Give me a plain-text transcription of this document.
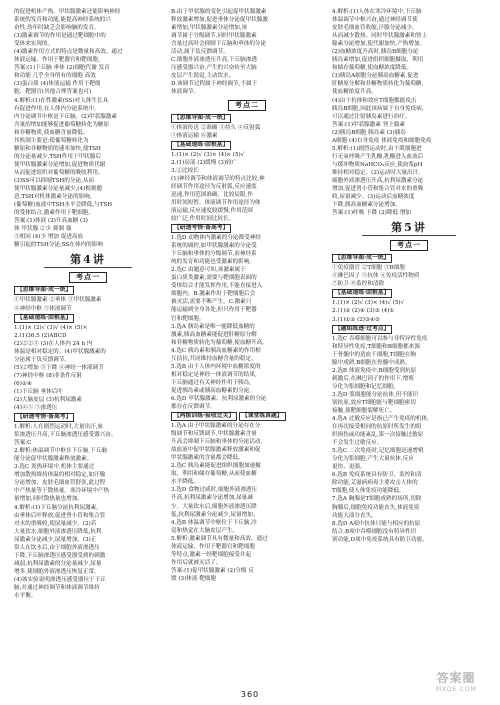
的促进机体产热。甲状腺激素还能影响神经

系统的发育和功能,能提高神经系统的兴

奋性,幼年时缺乏会影响脑的发育。

(3)激素调节的作用是通过靶细胞中的

受体来实现的。

(4)激素作用方式的特点是微量和高效、通过

体液运输、作用于靶器官和靶细胞。

答案:(1)下丘脑 垂体 (2)细胞代谢 发育

和功能 几乎全身所有的细胞 高效

(3)蛋白质 (4)体液运输 作用于靶细

胞、靶器官(其他合理答案也可)

4.解析:(1)在性激素(SS)对人体生长具

有促进作用,在人体内分泌系统中,

内分泌调节中枢是下丘脑。(2)甲状腺激素

含量的增加能够促进葡萄糖转化为糖原

和非糖物质,使血糖含量降低。

其机制主要是:使葡萄糖转化为

糖原和非糖物质的速率加快,使TSH

的分泌量减少,TSH作用于甲状腺后

使甲状腺激素分泌增加,促进物质代谢

从而促进组织对葡萄糖的吸收利用。

(3)SS可以抑制TSH的分泌,从而

使甲状腺激素分泌量减少,(4)根据题

意,TSH对机体激素分泌的影响,

(葡萄糖)血液中TSH水平会降低,与TSH

的受体结合,激素作用于靶细胞。

答案:(1)体液 (2)升高血糖 (3)

体 甲状腺 ②少 抑制 强

③相同 (4)少 增加 促进高血

糖引起的TSH分泌,SS在体内的影响

第4讲
考点一
【思维导图·成一统】

①甲状腺激素 ②垂体 ③甲状腺激素

④神经中枢 ⑤体液调节

【基础速练·固根基】

1.(1)× (2)√ (3)√ (4)× (5)×

2.(1)36.5 (2)ABCD

(2)②②③ (3)在人体内 24 h 内

体温是相对稳定的。(4)甲状腺激素的

分泌属于负反馈调节。

(5)②增加 ③下降 ④神经一体液调节

(7)神经中枢 (8)非条件反射

(6)②④

(1)下丘脑 垂体后叶

(2)大脑皮层 (3)抗利尿激素

(4)④⑤ ⑤渗透压

【研透考情·备高考】

1.解析:人在剧烈运动时,大量出汗,血

浆渗透压升高,下丘脑渗透压感受器兴奋。

答案:C

2.解析:体温调节中枢在下丘脑,下丘脑

能分泌促甲状腺激素释放激素。

3.选C 炎热环境中,机体主要通过

增加散热维持体温的相对稳定,如汗腺

分泌增加、皮肤毛细血管舒张,此过程

中产热量等于散热量。寒冷环境中产热

量增加,同时散热量也增加。

4.解析:(1)下丘脑分泌抗利尿激素,

由垂体后叶释放,促进肾小管和集合管

对水的重吸收,使尿量减少。(2)若

大量饮水,细胞外液渗透压降低,抗利

尿激素分泌减少,尿量增加。(3)正

常人在饮水后,由于细胞外液渗透压

下降,下丘脑渗透压感受器受到的刺激

减弱,抗利尿激素的分泌量减少,尿量

增多,使细胞外液渗透压恢复正常。

(4)该实验说明渗透压感受器位于下丘

脑,并通过神经调节和体液调节维持

水平衡。

B.由于甲状腺的变化引起促甲状腺激素

释放激素增加,促进垂体分泌促甲状腺激

素增加,甲状腺激素分泌增加,该

调节属于分级调节,同时甲状腺激素

含量过高时会抑制下丘脑和垂体的分泌

活动,属于负反馈调节。

C.细胞外液渗透压升高,下丘脑渗透

压感受器兴奋,产生的兴奋传至大脑

皮层产生渴觉,主动饮水。

D.该调节过程属于神经调节,不属于

体液调节。

考点二
【思维导图·成一统】

①体液传送 ②准确 ③持久 ④反射弧

⑤体液运输 ⑥激素

【基础速练·固根基】

1.(1)× (2)√ (3)× (4)× (5)√

2.(1)局部 (2)缓慢 (3)较广

3.②比较长

(1)神经调节和体液调节的特点比较,神

经调节作用途径为反射弧,反应速度

迅速,作用范围准确、比较局限,作

用时间短暂。体液调节作用途径为体

液运输,反应速度较缓慢,作用范围

较广泛,作用时间比较长。

【研透考情·备高考】

1.选D 动物体内激素的分泌都受神经

系统的调控,如甲状腺激素的分泌受

下丘脑和垂体的分级调节,而神经系

统的发育和功能也受激素的影响。

2.选C 由题意可知,该激素属于

蛋白质类激素,需要与靶细胞表面的

受体结合才能发挥作用,不能直接进入

细胞内。B.激素作用于靶细胞后会

被灭活,需要不断产生。C.激素只

能运输到全身各处,但只作用于靶器

官和靶细胞。

3.选A 胰岛素是唯一能降低血糖的

激素,胰高血糖素能促进肝糖原分解

和非糖物质转化为葡萄糖,使血糖升高。

4.选C 胰岛素和胰高血糖素的作用相

互拮抗,共同维持血糖含量的稳定。

5.选B 由于人体内环境中血糖浓度的

相对稳定是神经一体液调节的结果,

下丘脑通过有关神经作用于胰岛,

促进胰岛素或胰高血糖素的分泌。

6.选D 甲状腺激素、抗利尿激素的分泌

都存在反馈调节。

【两级训练·验收过关】 【课堂练真题】

1.选A 由于甲状腺激素的分泌存在分

级调节和反馈调节,甲状腺激素含量

升高会抑制下丘脑和垂体的分泌活动,

故血液中促甲状腺激素释放激素和促

甲状腺激素的含量都会降低。

2.选C 胰岛素能促进组织细胞加速摄

取、利用和储存葡萄糖,从而使血糖

水平降低。

3.选D 食物过咸时,细胞外液渗透压

升高,抗利尿激素分泌增加,尿量减

少。大量饮水后,细胞外液渗透压降

低,抗利尿激素分泌减少,尿量增加。

4.选B 体温调节中枢位于下丘脑,冷

觉和热觉在大脑皮层产生。

5.解析:激素调节具有微量和高效、通过

体液运输、作用于靶器官和靶细胞

等特点,激素一经靶细胞接受并起

作用后就被灭活了。

答案:(1)促甲状腺激素 (2)分级 反

馈 (3)体液 靶细胞

4.解析:(1)人体在寒冷环境中,下丘脑

体温调节中枢兴奋,通过神经调节使

皮肤毛细血管收缩,汗腺分泌减少,

从而减少散热。同时甲状腺激素和肾上

腺素分泌增加,使代谢加快,产热增加。

(2)血糖浓度升高时,胰岛B细胞分泌

胰岛素增加,促进组织细胞摄取、利用

和储存葡萄糖,使血糖浓度降低。

(3)胰岛A细胞分泌胰高血糖素,促进

肝糖原分解和非糖物质转化为葡萄糖,

使血糖浓度升高。

(4)由于抗体和效应T细胞都能攻击

胰岛B细胞,因此该病属于自身免疫病,

可以通过注射胰岛素进行治疗。

答案:(1)甲状腺激素 肾上腺素

(2)胰岛B细胞 胰岛素 (3)胰岛

A细胞 (4)自身免疫 体液免疫和细胞免疫

5.解析:(1)剧烈运动时,由于肌细胞进

行无氧呼吸产生乳酸,乳酸进入血液后

与缓冲物质NaHCO₃反应,使血浆pH

维持相对稳定。(2)运动时大量出汗,

细胞外液渗透压升高,抗利尿激素分泌

增加,促进肾小管和集合管对水的重吸

收,尿量减少。(3)运动后血糖浓度

下降,胰高血糖素分泌增加。

答案:(1)呼吸 下降 (2)降低 增加

第5讲
考点一
【思维导图·成一统】

①免疫器官 ②T细胞 ③B细胞

④淋巴因子 ⑤抗体 ⑥免疫活性物质

⑦防卫 ⑧监控和清除

【基础速练·固根基】

1.(1)× (2)√ (3)× (4)√ (5)√

2.(1)② (2)④ (3)③ (4)①

3.(1)①② (2)③④⑤

【题组练透·过考点】

1.选C 吞噬细胞可以参与非特异性免疫

和特异性免疫,T细胞和B细胞都来源

于骨髓中的造血干细胞,T细胞在胸

腺中成熟,B细胞在骨髓中成熟。

2.选B 体液免疫中,B细胞受到抗原

刺激后,在淋巴因子的作用下,增殖

分化为浆细胞和记忆细胞。

3.选D 浆细胞能分泌抗体,但不能识

别抗原,效应T细胞能与靶细胞密切

接触,使靶细胞裂解死亡。

4.选A 过敏反应是指已产生免疫的机体,

在再次接受相同的抗原时所发生的组

织损伤或功能紊乱,第一次接触过敏原

不会发生过敏反应。

5.选C 二次免疫时,记忆细胞迅速增殖

分化为浆细胞,产生大量抗体,反应

更快、更强。

6.选B 免疫系统具有防卫、监控和清

除功能,艾滋病病毒主要攻击人体的

T细胞,使人体免疫功能降低。

7.选A 胸腺是T细胞成熟的场所,切除

胸腺后,细胞免疫功能丧失,体液免疫

功能大部分丧失。

8.选D A项中抗体只能与相应的抗原

结合,B项中吞噬细胞没有特异性识

别功能,D项中免疫系统具有防卫功能。

360
答案圈
MXQE.COM
